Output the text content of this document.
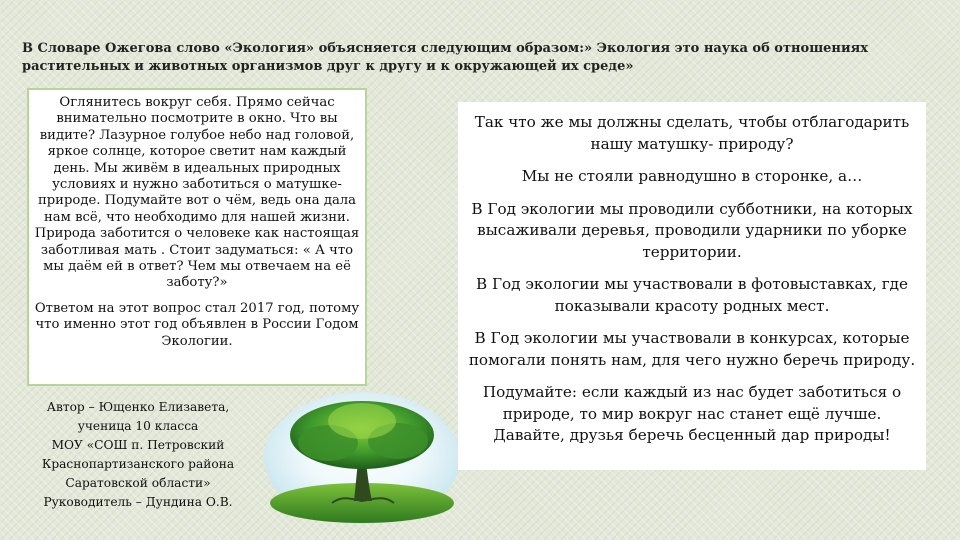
В Словаре Ожегова слово «Экология» объясняется следующим образом:» Экология это наука об отношениях
растительных и животных организмов друг к другу и к окружающей их среде»

Оглянитесь вокруг себя. Прямо сейчас внимательно посмотрите в окно. Что вы видите? Лазурное голубое небо над головой, яркое солнце, которое светит нам каждый день. Мы живём в идеальных природных условиях и нужно заботиться о матушке- природе. Подумайте вот о чём, ведь она дала нам всё, что необходимо для нашей жизни. Природа заботится о человеке как настоящая заботливая мать . Стоит задуматься: « А что мы даём ей в ответ? Чем мы отвечаем на её заботу?»

Ответом на этот вопрос стал 2017 год, потому что именно этот год объявлен в России Годом Экологии.

Автор – Ющенко Елизавета,
ученица 10 класса
МОУ «СОШ п. Петровский
Краснопартизанского района
Саратовской области»
Руководитель – Дундина О.В.

Так что же мы должны сделать, чтобы отблагодарить нашу матушку- природу?

Мы не стояли равнодушно в сторонке, а…

В Год экологии мы проводили субботники, на которых высаживали деревья, проводили ударники по уборке территории.

В Год экологии мы участвовали в фотовыставках, где показывали красоту родных мест.

В Год экологии мы участвовали в конкурсах, которые помогали понять нам, для чего нужно беречь природу.

Подумайте: если каждый из нас будет заботиться о природе, то мир вокруг нас станет ещё лучше. Давайте, друзья беречь бесценный дар природы!
